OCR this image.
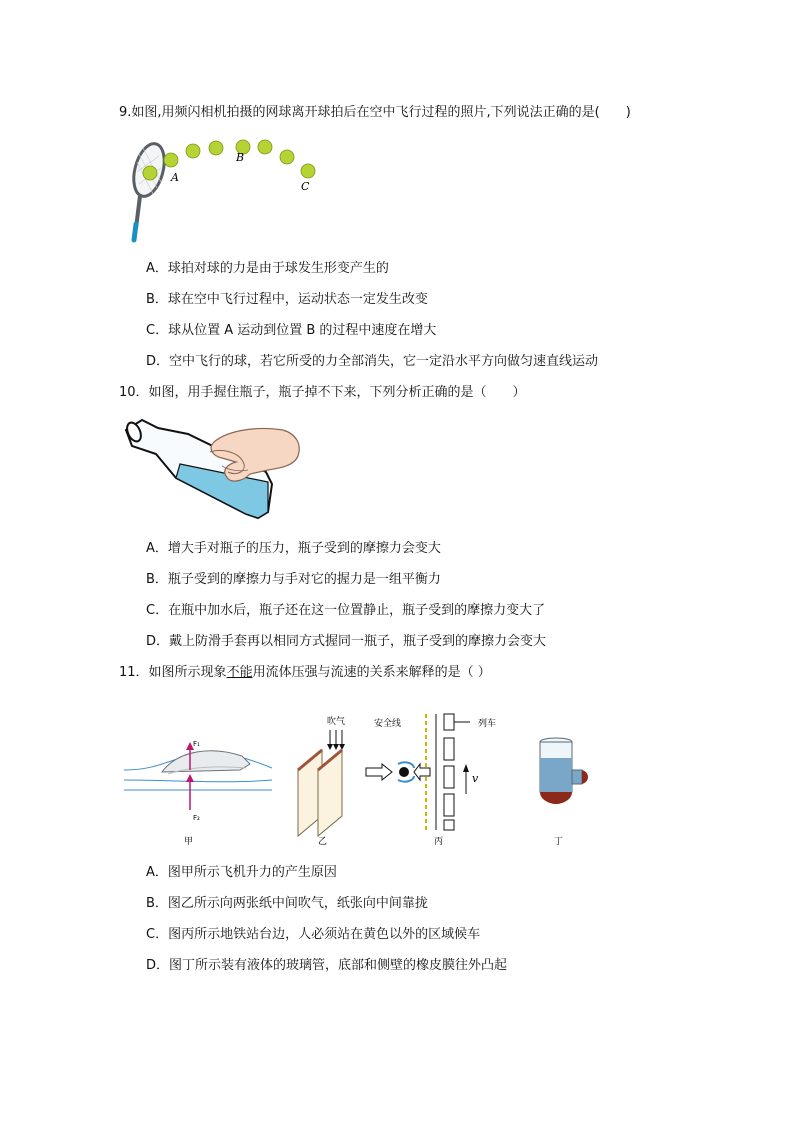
9.如图,用频闪相机拍摄的网球离开球拍后在空中飞行过程的照片,下列说法正确的是(　　)
A
B
C
A．球拍对球的力是由于球发生形变产生的
B．球在空中飞行过程中，运动状态一定发生改变
C．球从位置 A 运动到位置 B 的过程中速度在增大
D．空中飞行的球，若它所受的力全部消失，它一定沿水平方向做匀速直线运动
10．如图，用手握住瓶子，瓶子掉不下来，下列分析正确的是（　　）
A．增大手对瓶子的压力，瓶子受到的摩擦力会变大
B．瓶子受到的摩擦力与手对它的握力是一组平衡力
C．在瓶中加水后，瓶子还在这一位置静止，瓶子受到的摩擦力变大了
D．戴上防滑手套再以相同方式握同一瓶子，瓶子受到的摩擦力会变大
11．如图所示现象不能用流体压强与流速的关系来解释的是（ ）
F₁
F₂
甲
吹气
乙
安全线	列车
v
丙	丁
A．图甲所示飞机升力的产生原因
B．图乙所示向两张纸中间吹气，纸张向中间靠拢
C．图丙所示地铁站台边，人必须站在黄色以外的区域候车
D．图丁所示装有液体的玻璃管，底部和侧壁的橡皮膜往外凸起
